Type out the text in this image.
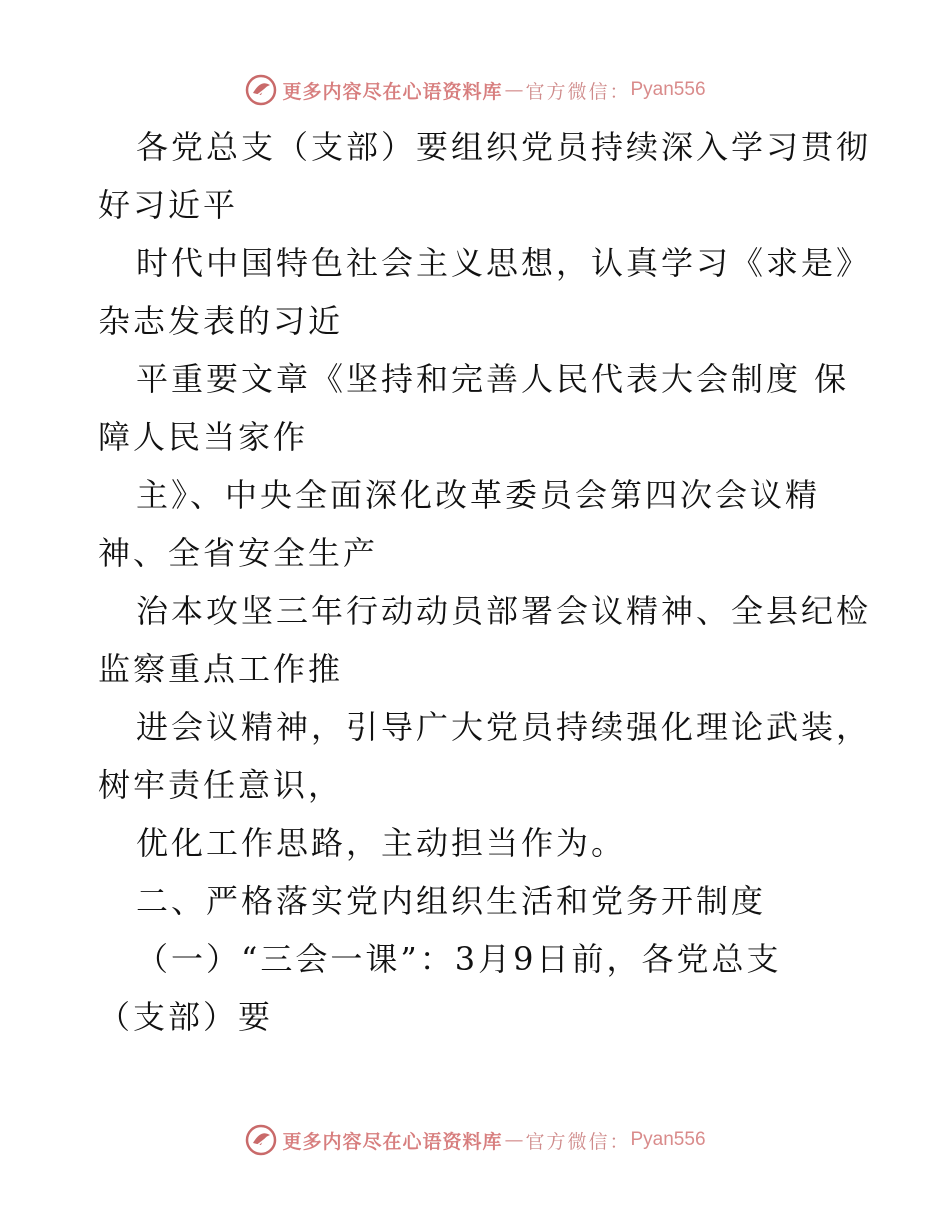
更多内容尽在心语资料库 — 官方微信： Pyan556
各党总支（支部）要组织党员持续深入学习贯彻
好习近平
时代中国特色社会主义思想，认真学习《求是》
杂志发表的习近
平重要文章《坚持和完善人民代表大会制度 保
障人民当家作
主》、中央全面深化改革委员会第四次会议精
神、全省安全生产
治本攻坚三年行动动员部署会议精神、全县纪检
监察重点工作推
进会议精神，引导广大党员持续强化理论武装，
树牢责任意识，
优化工作思路，主动担当作为。
二、严格落实党内组织生活和党务开制度
（一）“三会一课”：3月9日前，各党总支
（支部）要
更多内容尽在心语资料库 — 官方微信： Pyan556
